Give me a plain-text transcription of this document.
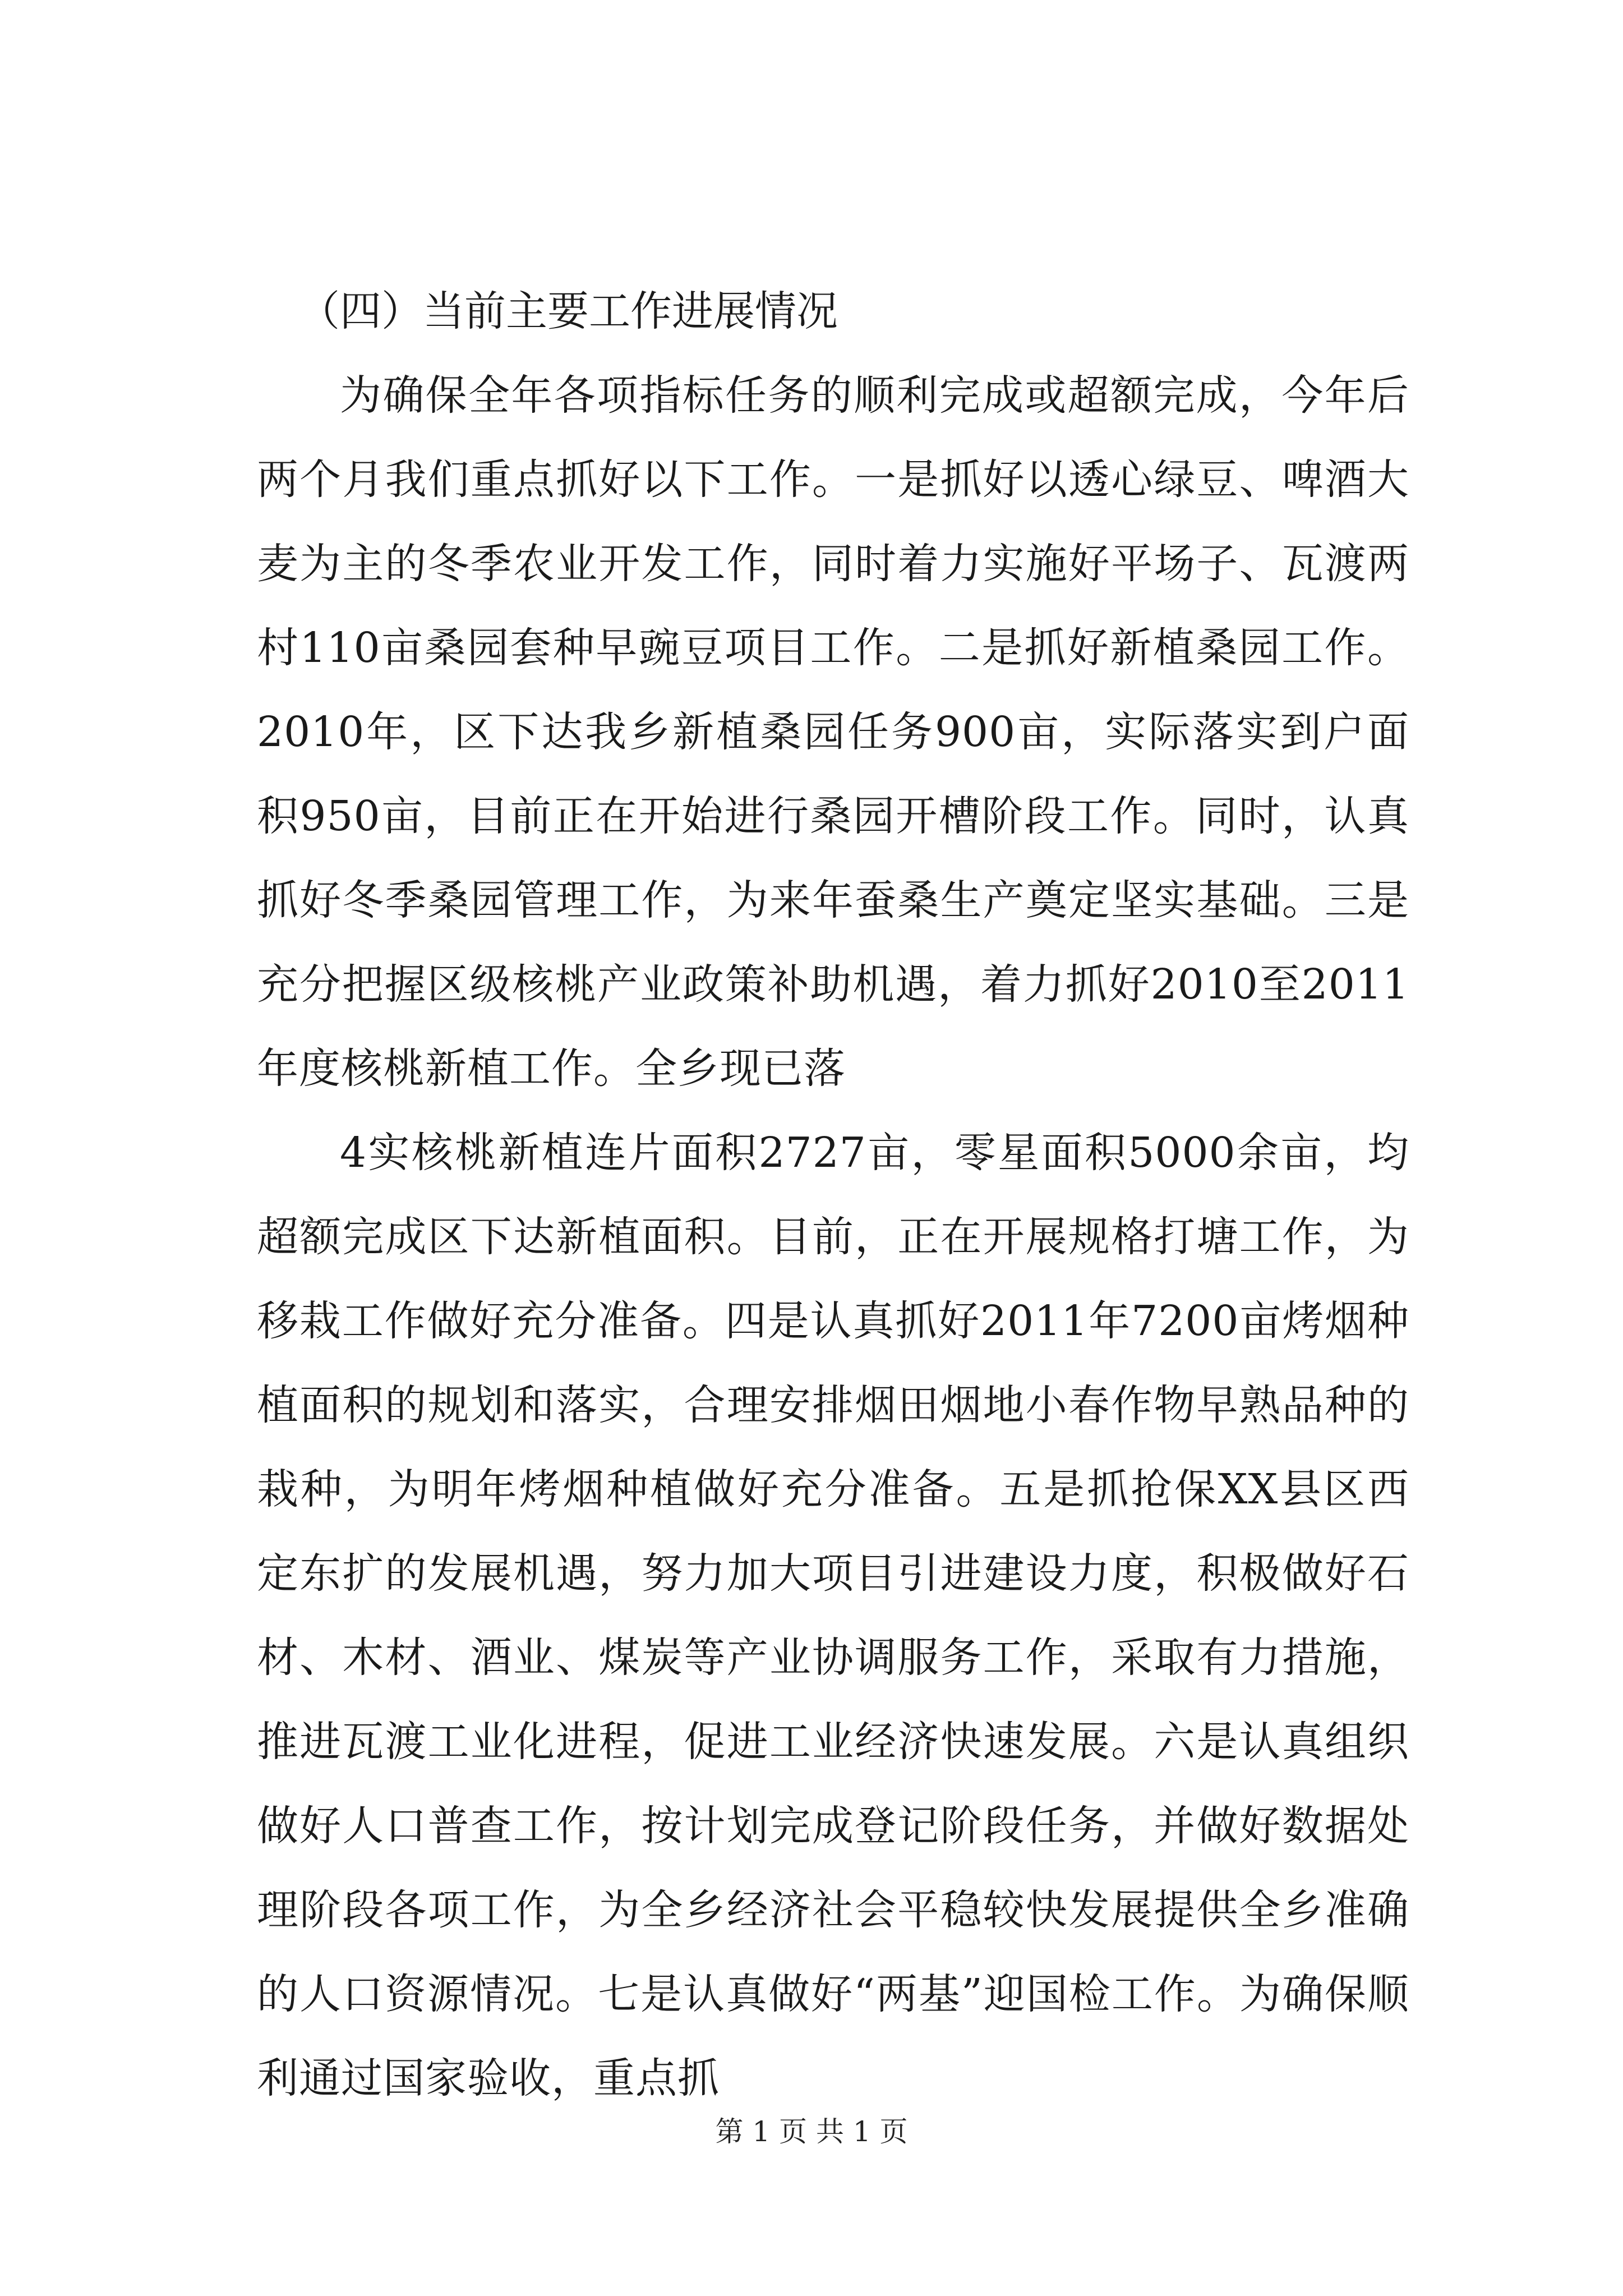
（四）当前主要工作进展情况

为确保全年各项指标任务的顺利完成或超额完成，今年后两个月我们重点抓好以下工作。一是抓好以透心绿豆、啤酒大麦为主的冬季农业开发工作，同时着力实施好平场子、瓦渡两村110亩桑园套种早豌豆项目工作。二是抓好新植桑园工作。2010年，区下达我乡新植桑园任务900亩，实际落实到户面积950亩，目前正在开始进行桑园开槽阶段工作。同时，认真抓好冬季桑园管理工作，为来年蚕桑生产奠定坚实基础。三是充分把握区级核桃产业政策补助机遇，着力抓好2010至2011年度核桃新植工作。全乡现已落

4实核桃新植连片面积2727亩，零星面积5000余亩，均超额完成区下达新植面积。目前，正在开展规格打塘工作，为移栽工作做好充分准备。四是认真抓好2011年7200亩烤烟种植面积的规划和落实，合理安排烟田烟地小春作物早熟品种的栽种，为明年烤烟种植做好充分准备。五是抓抢保XX县区西定东扩的发展机遇，努力加大项目引进建设力度，积极做好石材、木材、酒业、煤炭等产业协调服务工作，采取有力措施，推进瓦渡工业化进程，促进工业经济快速发展。六是认真组织做好人口普查工作，按计划完成登记阶段任务，并做好数据处理阶段各项工作，为全乡经济社会平稳较快发展提供全乡准确的人口资源情况。七是认真做好“两基”迎国检工作。为确保顺利通过国家验收，重点抓

第 1 页 共 1 页
